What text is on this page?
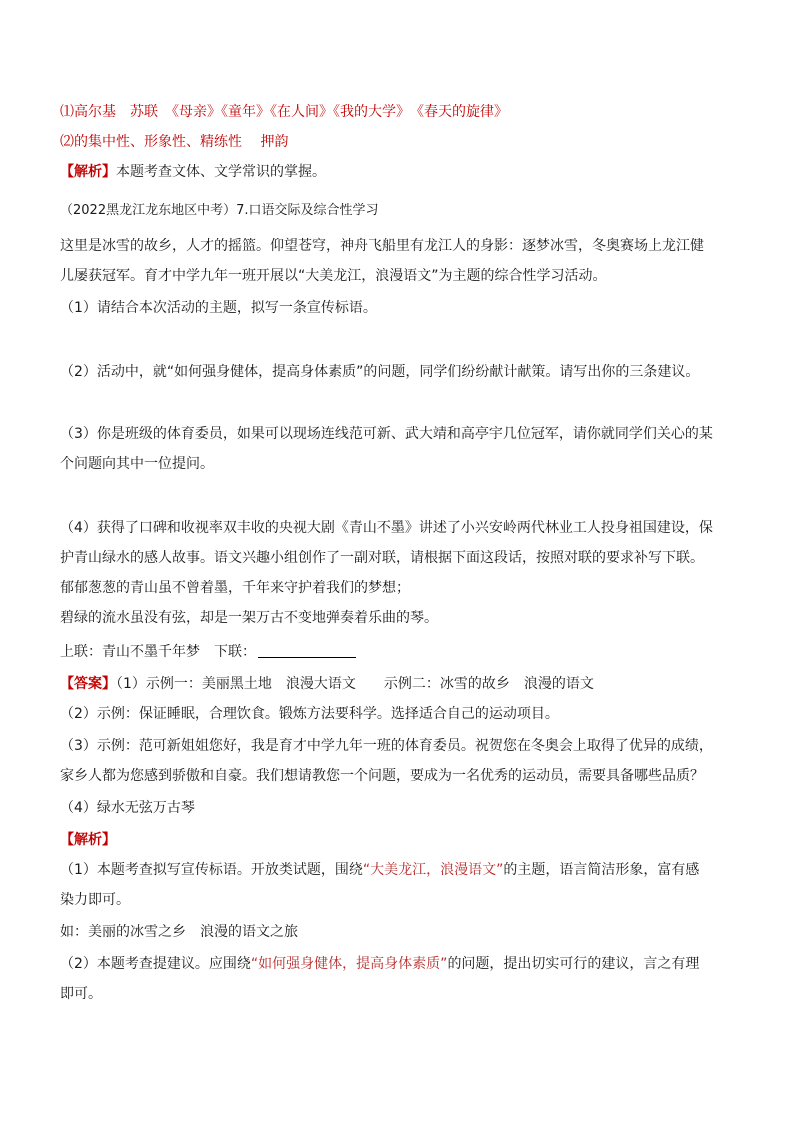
⑴高尔基　苏联　《母亲》《童年》《在人间》《我的大学》　《春天的旋律》
⑵的集中性、形象性、精练性　 押韵
【解析】本题考查文体、文学常识的掌握。
（2022黑龙江龙东地区中考）7.口语交际及综合性学习
这里是冰雪的故乡，人才的摇篮。仰望苍穹，神舟飞船里有龙江人的身影：逐梦冰雪，冬奥赛场上龙江健
儿屡获冠军。育才中学九年一班开展以“大美龙江，浪漫语文”为主题的综合性学习活动。
（1）请结合本次活动的主题，拟写一条宣传标语。
（2）活动中，就“如何强身健体，提高身体素质”的问题，同学们纷纷献计献策。请写出你的三条建议。
（3）你是班级的体育委员，如果可以现场连线范可新、武大靖和高亭宇几位冠军，请你就同学们关心的某
个问题向其中一位提问。
（4）获得了口碑和收视率双丰收的央视大剧《青山不墨》讲述了小兴安岭两代林业工人投身祖国建设，保
护青山绿水的感人故事。语文兴趣小组创作了一副对联，请根据下面这段话，按照对联的要求补写下联。
郁郁葱葱的青山虽不曾着墨，千年来守护着我们的梦想；
碧绿的流水虽没有弦，却是一架万古不变地弹奏着乐曲的琴。
上联：青山不墨千年梦　下联：
【答案】（1）示例一：美丽黑土地　浪漫大语文　　示例二：冰雪的故乡　浪漫的语文
（2）示例：保证睡眠，合理饮食。锻炼方法要科学。选择适合自己的运动项目。
（3）示例：范可新姐姐您好，我是育才中学九年一班的体育委员。祝贺您在冬奥会上取得了优异的成绩，
家乡人都为您感到骄傲和自豪。我们想请教您一个问题，要成为一名优秀的运动员，需要具备哪些品质？
（4）绿水无弦万古琴
【解析】
（1）本题考查拟写宣传标语。开放类试题，围绕“大美龙江，浪漫语文”的主题，语言简洁形象，富有感
染力即可。
如：美丽的冰雪之乡　浪漫的语文之旅
（2）本题考查提建议。应围绕“如何强身健体，提高身体素质”的问题，提出切实可行的建议，言之有理
即可。
